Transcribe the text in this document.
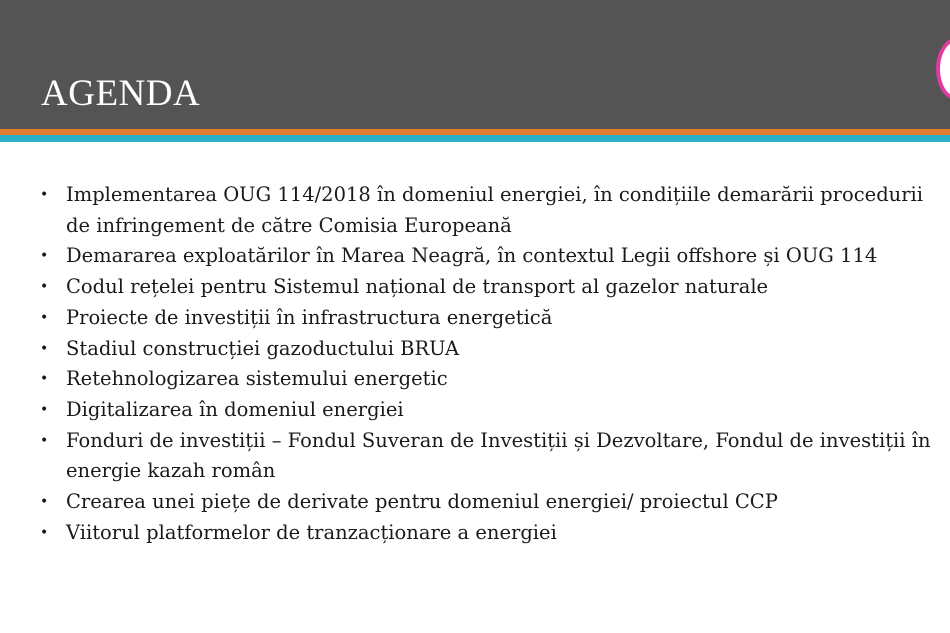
AGENDA
• Implementarea OUG 114/2018 în domeniul energiei, în condițiile demarării procedurii
de infringement de către Comisia Europeană
• Demararea exploatărilor în Marea Neagră, în contextul Legii offshore și OUG 114
• Codul rețelei pentru Sistemul național de transport al gazelor naturale
• Proiecte de investiții în infrastructura energetică
• Stadiul construcției gazoductului BRUA
• Retehnologizarea sistemului energetic
• Digitalizarea în domeniul energiei
• Fonduri de investiții – Fondul Suveran de Investiții și Dezvoltare, Fondul de investiții în
energie kazah român
• Crearea unei piețe de derivate pentru domeniul energiei/ proiectul CCP
• Viitorul platformelor de tranzacționare a energiei
